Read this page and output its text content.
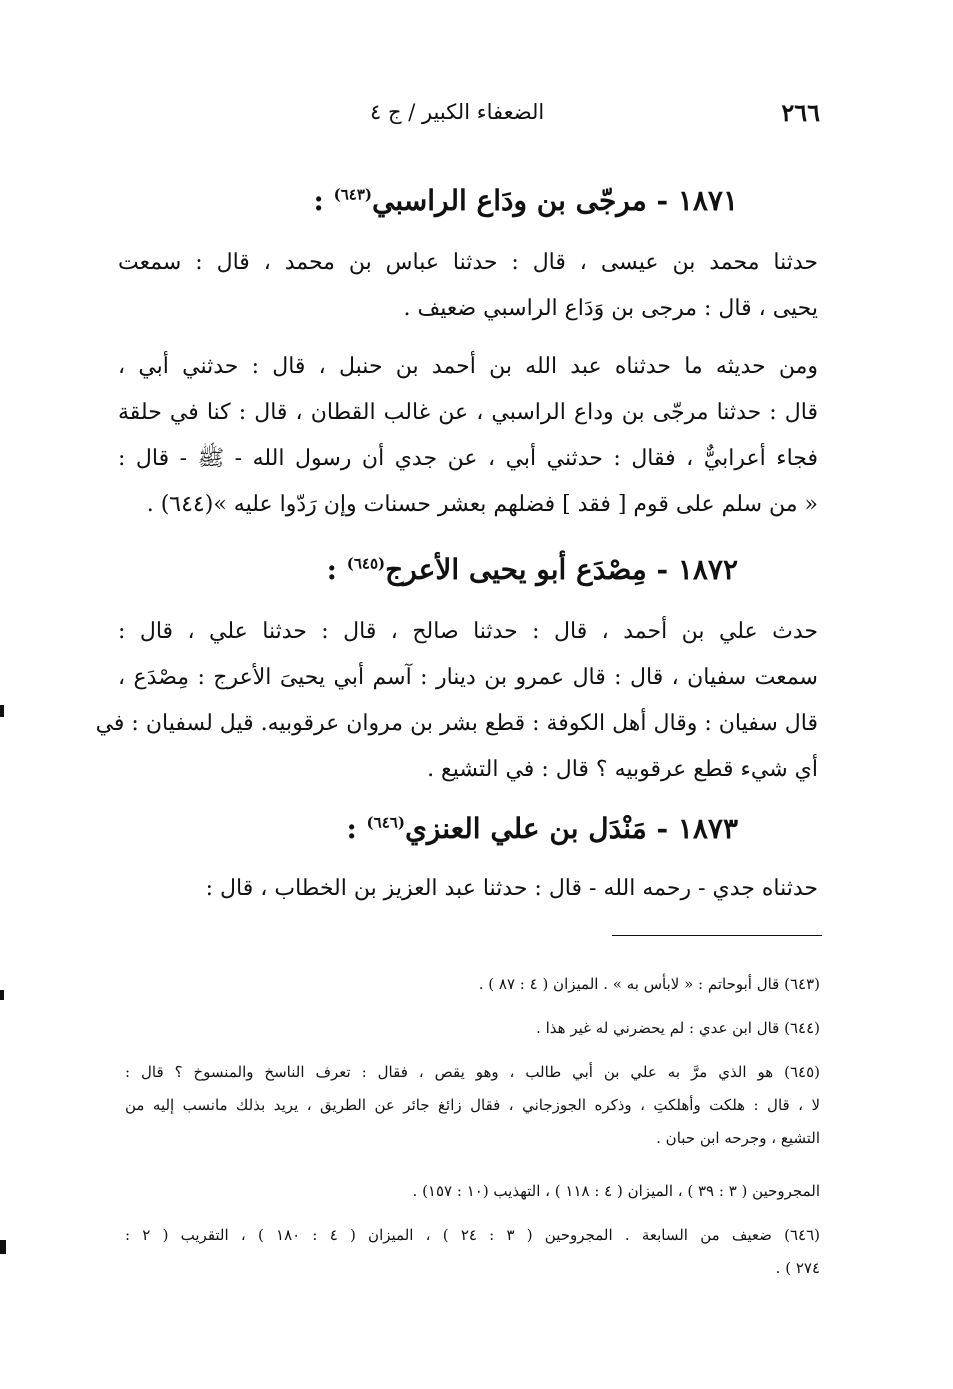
٢٦٦
الضعفاء الكبير / ج ٤
١٨٧١ - مرجّى بن ودَاع الراسبي$^{(٦٤٣)}$ :
حدثنا محمد بن عيسى ، قال : حدثنا عباس بن محمد ، قال : سمعت
يحيى ، قال : مرجى بن وَدَاع الراسبي ضعيف .
ومن حديثه ما حدثناه عبد الله بن أحمد بن حنبل ، قال : حدثني أبي ،
قال : حدثنا مرجّى بن وداع الراسبي ، عن غالب القطان ، قال : كنا في حلقة
فجاء أعرابيٌّ ، فقال : حدثني أبي ، عن جدي أن رسول الله - ﷺ - قال :
« من سلم على قوم [ فقد ] فضلهم بعشر حسنات وإن رَدّوا عليه »(٦٤٤) .
١٨٧٢ - مِصْدَع أبو يحيى الأعرج$^{(٦٤٥)}$ :
حدث علي بن أحمد ، قال : حدثنا صالح ، قال : حدثنا علي ، قال :
سمعت سفيان ، قال : قال عمرو بن دينار : آسم أبي يحيىَ الأعرج : مِصْدَع ،
قال سفيان : وقال أهل الكوفة : قطع بشر بن مروان عرقوبيه. قيل لسفيان : في
أي شيء قطع عرقوبيه ؟ قال : في التشيع .
١٨٧٣ - مَنْدَل بن علي العنزي$^{(٦٤٦)}$ :
حدثناه جدي - رحمه الله - قال : حدثنا عبد العزيز بن الخطاب ، قال :
(٦٤٣) قال أبوحاتم : « لابأس به » . الميزان ( ٤ : ٨٧ ) .
(٦٤٤) قال ابن عدي : لم يحضرني له غير هذا .
(٦٤٥) هو الذي مرَّ به علي بن أبي طالب ، وهو يقص ، فقال : تعرف الناسخ والمنسوخ ؟ قال :
لا ، قال : هلكت وأهلكتِ ، وذكره الجوزجاني ، فقال زائغ جائر عن الطريق ، يريد بذلك مانسب إليه من
التشيع ، وجرحه ابن حبان .
المجروحين ( ٣ : ٣٩ ) ، الميزان ( ٤ : ١١٨ ) ، التهذيب (١٠ : ١٥٧) .
(٦٤٦) ضعيف من السابعة . المجروحين ( ٣ : ٢٤ ) ، الميزان ( ٤ : ١٨٠ ) ، التقريب ( ٢ :
٢٧٤ ) .
